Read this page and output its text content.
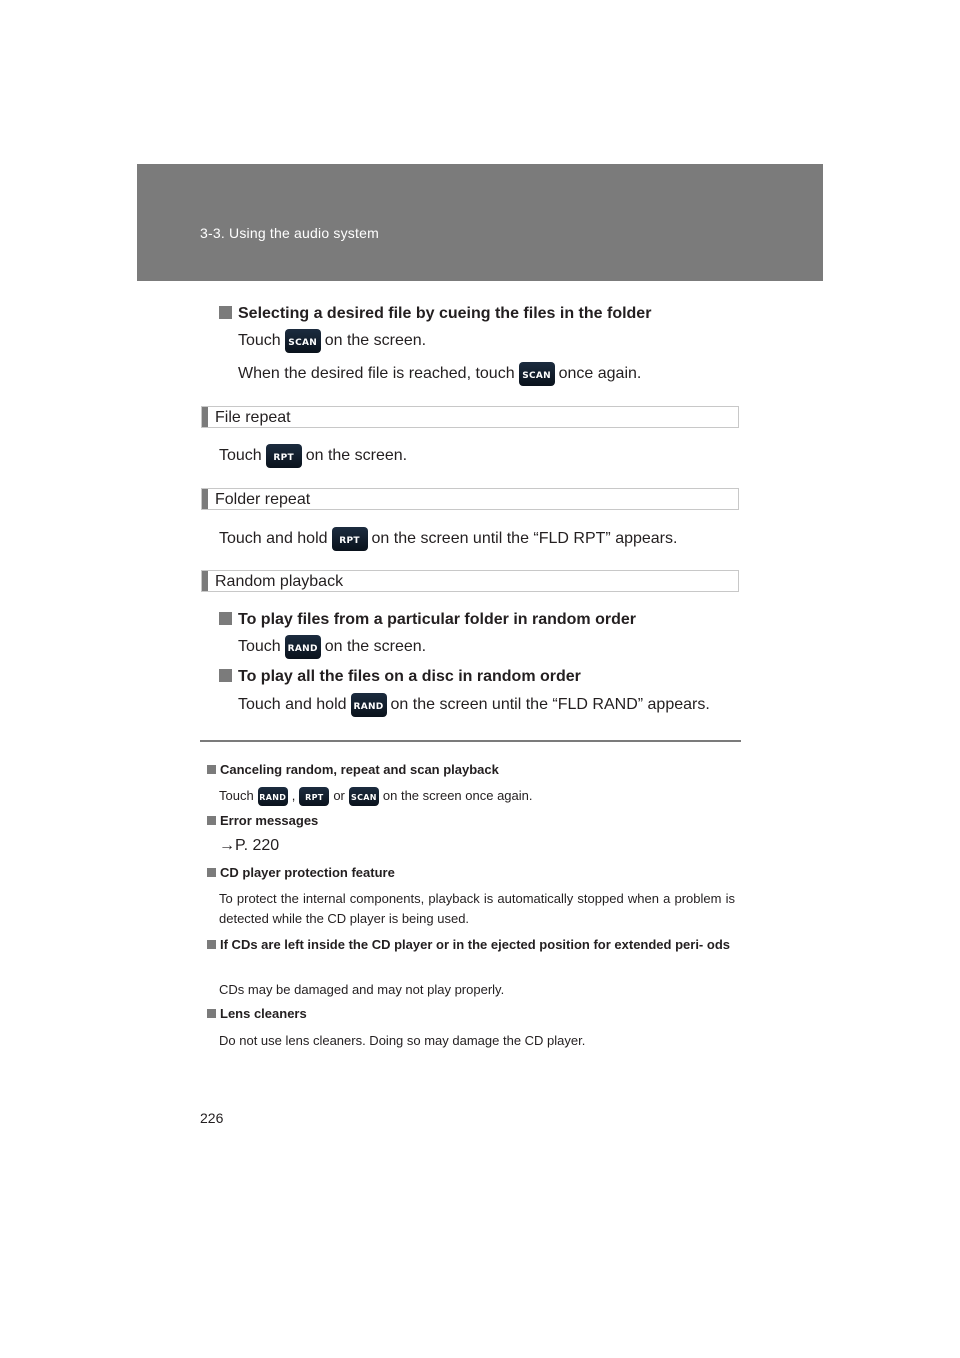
3-3. Using the audio system
Selecting a desired file by cueing the files in the folder
Touch SCAN on the screen.
When the desired file is reached, touch SCAN once again.
File repeat
Touch RPT on the screen.
Folder repeat
Touch and hold RPT on the screen until the “FLD RPT” appears.
Random playback
To play files from a particular folder in random order
Touch RAND on the screen.
To play all the files on a disc in random order
Touch and hold RAND on the screen until the “FLD RAND” appears.
Canceling random, repeat and scan playback
Touch RAND , RPT or SCAN on the screen once again.
Error messages
→P. 220
CD player protection feature
To protect the internal components, playback is automatically stopped when a problem is detected while the CD player is being used.
If CDs are left inside the CD player or in the ejected position for extended peri- ods
CDs may be damaged and may not play properly.
Lens cleaners
Do not use lens cleaners. Doing so may damage the CD player.
226
